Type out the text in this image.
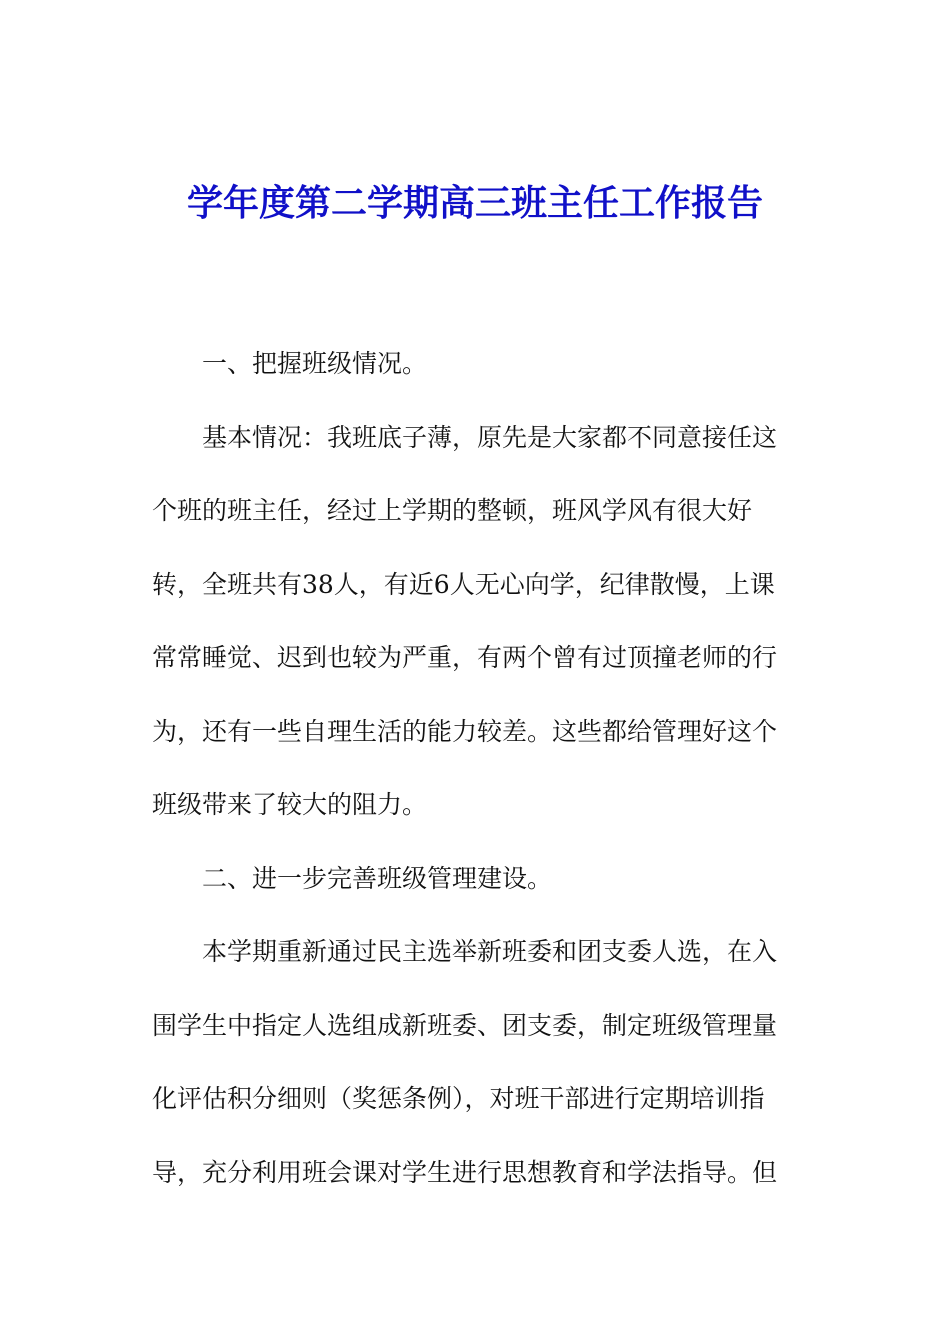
学年度第二学期高三班主任工作报告
一、把握班级情况。
基本情况：我班底子薄，原先是大家都不同意接任这
个班的班主任，经过上学期的整顿，班风学风有很大好
转，全班共有38人，有近6人无心向学，纪律散慢，上课
常常睡觉、迟到也较为严重，有两个曾有过顶撞老师的行
为，还有一些自理生活的能力较差。这些都给管理好这个
班级带来了较大的阻力。
二、进一步完善班级管理建设。
本学期重新通过民主选举新班委和团支委人选，在入
围学生中指定人选组成新班委、团支委，制定班级管理量
化评估积分细则（奖惩条例），对班干部进行定期培训指
导，充分利用班会课对学生进行思想教育和学法指导。但
